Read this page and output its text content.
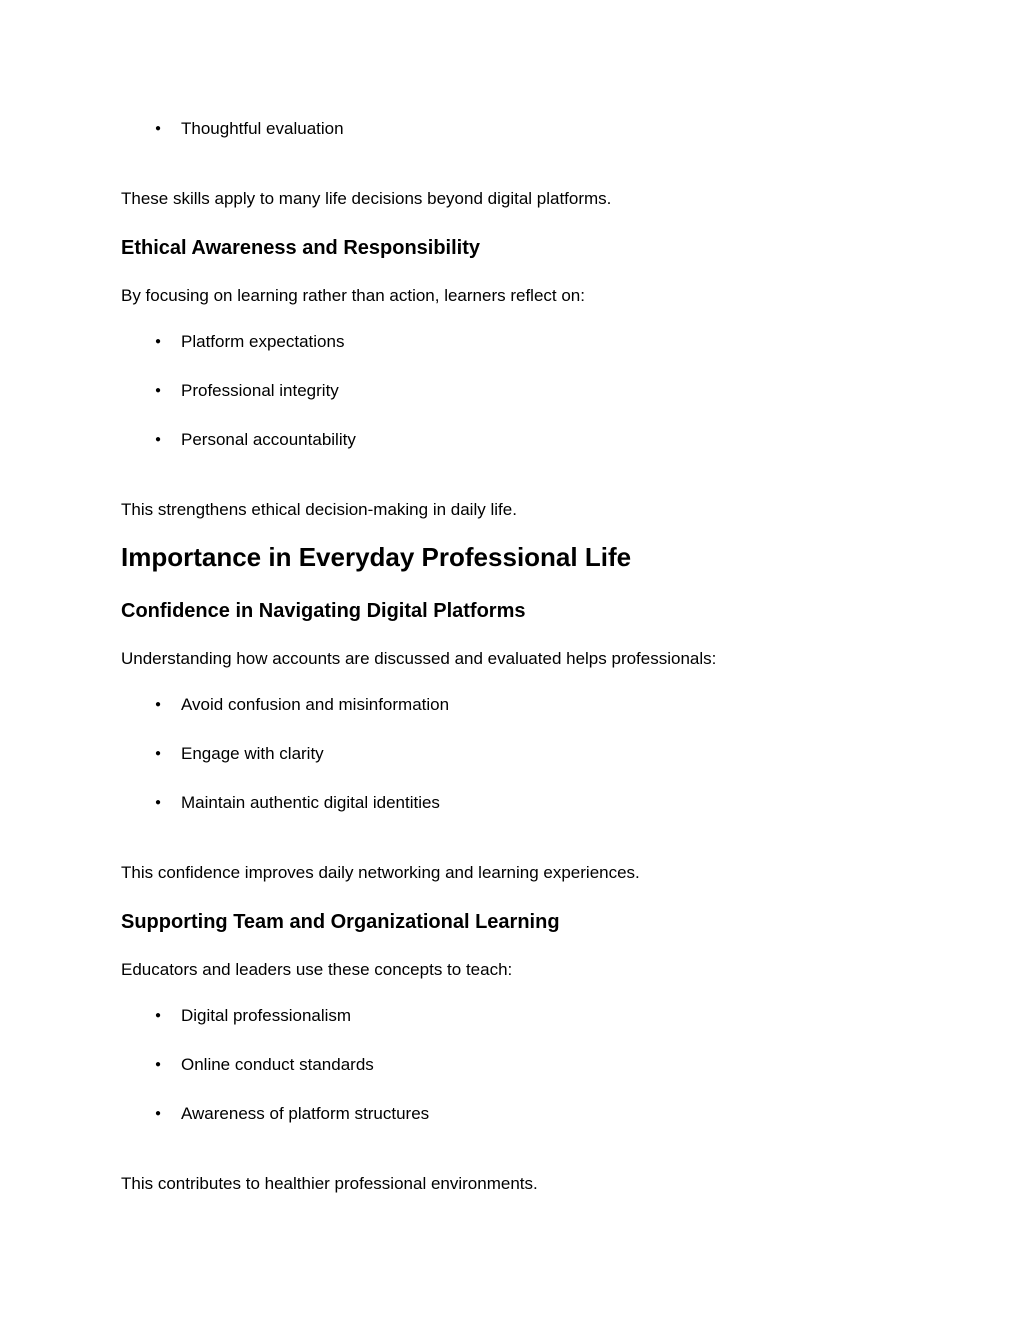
● Thoughtful evaluation

These skills apply to many life decisions beyond digital platforms.

Ethical Awareness and Responsibility

By focusing on learning rather than action, learners reflect on:

● Platform expectations
● Professional integrity
● Personal accountability

This strengthens ethical decision-making in daily life.

Importance in Everyday Professional Life
Confidence in Navigating Digital Platforms

Understanding how accounts are discussed and evaluated helps professionals:

● Avoid confusion and misinformation
● Engage with clarity
● Maintain authentic digital identities

This confidence improves daily networking and learning experiences.

Supporting Team and Organizational Learning

Educators and leaders use these concepts to teach:

● Digital professionalism
● Online conduct standards
● Awareness of platform structures

This contributes to healthier professional environments.
